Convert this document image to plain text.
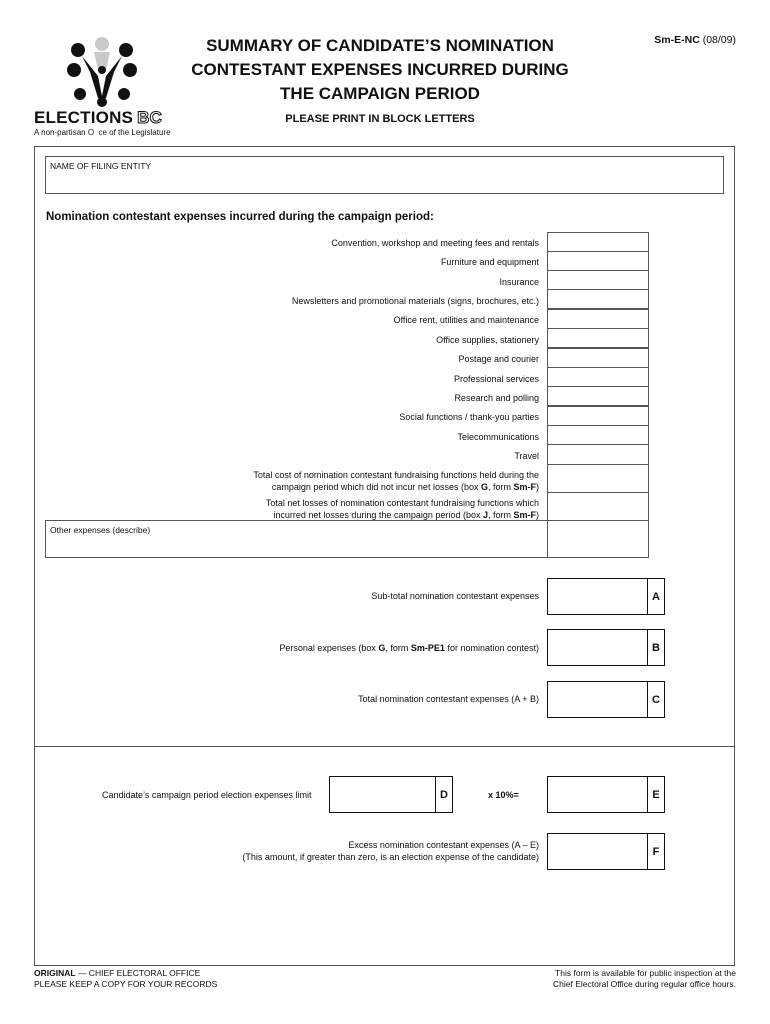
ELECTIONS BC
A non-partisan O  ce of the Legislature
SUMMARY OF CANDIDATE’S NOMINATION
CONTESTANT EXPENSES INCURRED DURING
THE CAMPAIGN PERIOD
Sm-E-NC (08/09)
PLEASE PRINT IN BLOCK LETTERS
NAME OF FILING ENTITY
Nomination contestant expenses incurred during the campaign period:
Convention, workshop and meeting fees and rentals
Furniture and equipment
Insurance
Newsletters and promotional materials (signs, brochures, etc.)
Office rent, utilities and maintenance
Office supplies, stationery
Postage and courier
Professional services
Research and polling
Social functions / thank-you parties
Telecommunications
Travel
Total cost of nomination contestant fundraising functions held during the
campaign period which did not incur net losses (box G, form Sm-F)
Total net losses of nomination contestant fundraising functions which
incurred net losses during the campaign period (box J, form Sm-F)
Other expenses (describe)
Sub-total nomination contestant expenses	A
Personal expenses (box G, form Sm-PE1 for nomination contest)	B
Total nomination contestant expenses (A + B)	C
Candidate’s campaign period election expenses limit	D	x 10%=	E
Excess nomination contestant expenses (A – E)
(This amount, if greater than zero, is an election expense of the candidate)	F
ORIGINAL — CHIEF ELECTORAL OFFICE
PLEASE KEEP A COPY FOR YOUR RECORDS
This form is available for public inspection at the
Chief Electoral Office during regular office hours.
